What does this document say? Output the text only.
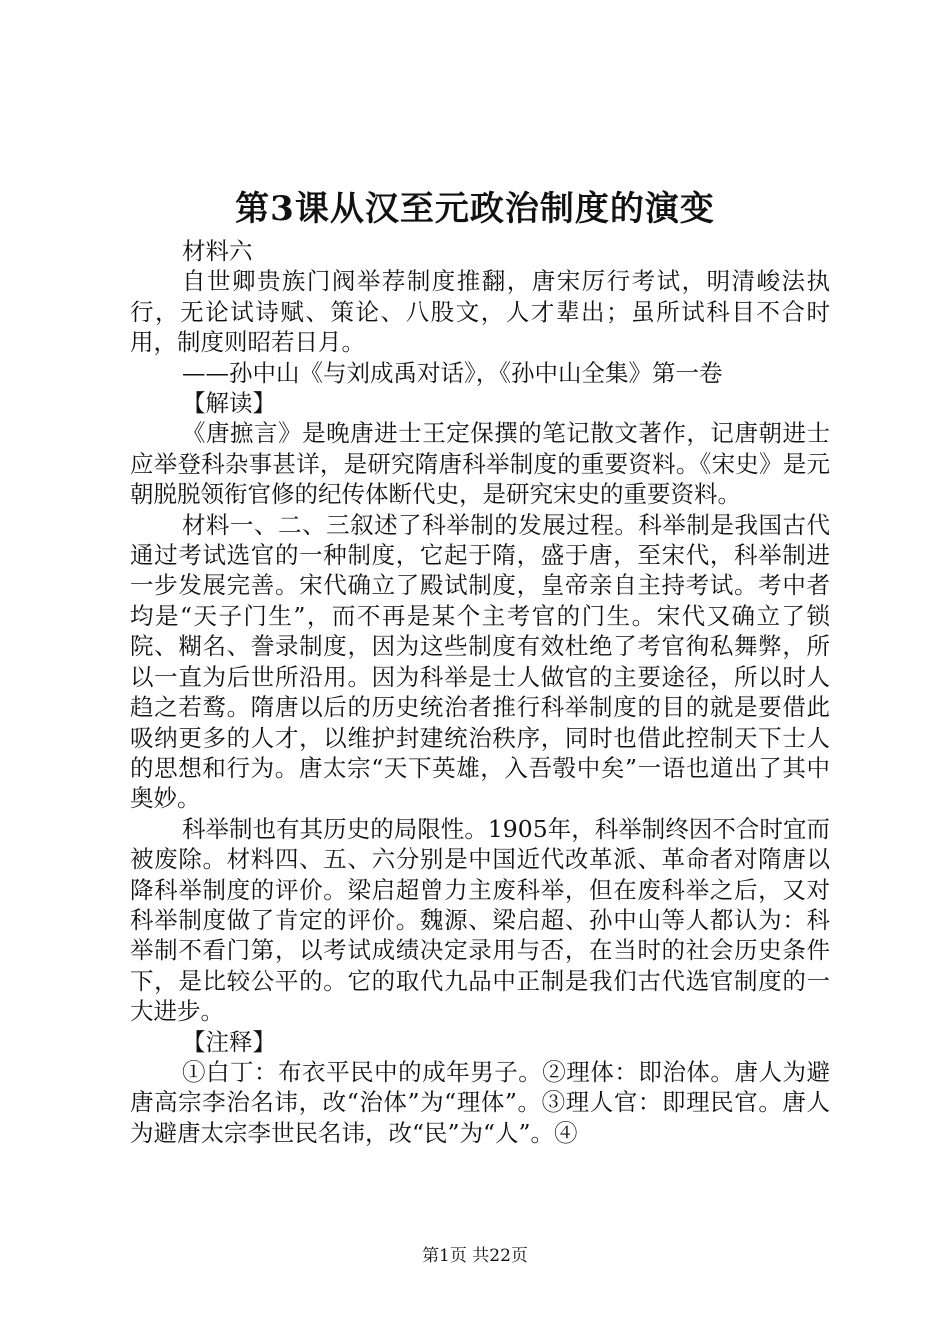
第3课从汉至元政治制度的演变

材料六

自世卿贵族门阀举荐制度推翻，唐宋厉行考试，明清峻法执行，无论试诗赋、策论、八股文，人才辈出；虽所试科目不合时用，制度则昭若日月。

——孙中山《与刘成禹对话》，《孙中山全集》第一卷

【解读】

《唐摭言》是晚唐进士王定保撰的笔记散文著作，记唐朝进士应举登科杂事甚详，是研究隋唐科举制度的重要资料。《宋史》是元朝脱脱领衔官修的纪传体断代史，是研究宋史的重要资料。

材料一、二、三叙述了科举制的发展过程。科举制是我国古代通过考试选官的一种制度，它起于隋，盛于唐，至宋代，科举制进一步发展完善。宋代确立了殿试制度，皇帝亲自主持考试。考中者均是“天子门生”，而不再是某个主考官的门生。宋代又确立了锁院、糊名、誊录制度，因为这些制度有效杜绝了考官徇私舞弊，所以一直为后世所沿用。因为科举是士人做官的主要途径，所以时人趋之若鹜。隋唐以后的历史统治者推行科举制度的目的就是要借此吸纳更多的人才，以维护封建统治秩序，同时也借此控制天下士人的思想和行为。唐太宗“天下英雄，入吾彀中矣”一语也道出了其中奥妙。

科举制也有其历史的局限性。1905年，科举制终因不合时宜而被废除。材料四、五、六分别是中国近代改革派、革命者对隋唐以降科举制度的评价。梁启超曾力主废科举，但在废科举之后，又对科举制度做了肯定的评价。魏源、梁启超、孙中山等人都认为：科举制不看门第，以考试成绩决定录用与否，在当时的社会历史条件下，是比较公平的。它的取代九品中正制是我们古代选官制度的一大进步。

【注释】

①白丁：布衣平民中的成年男子。②理体：即治体。唐人为避唐高宗李治名讳，改“治体”为“理体”。③理人官：即理民官。唐人为避唐太宗李世民名讳，改“民”为“人”。④

第1页 共22页
